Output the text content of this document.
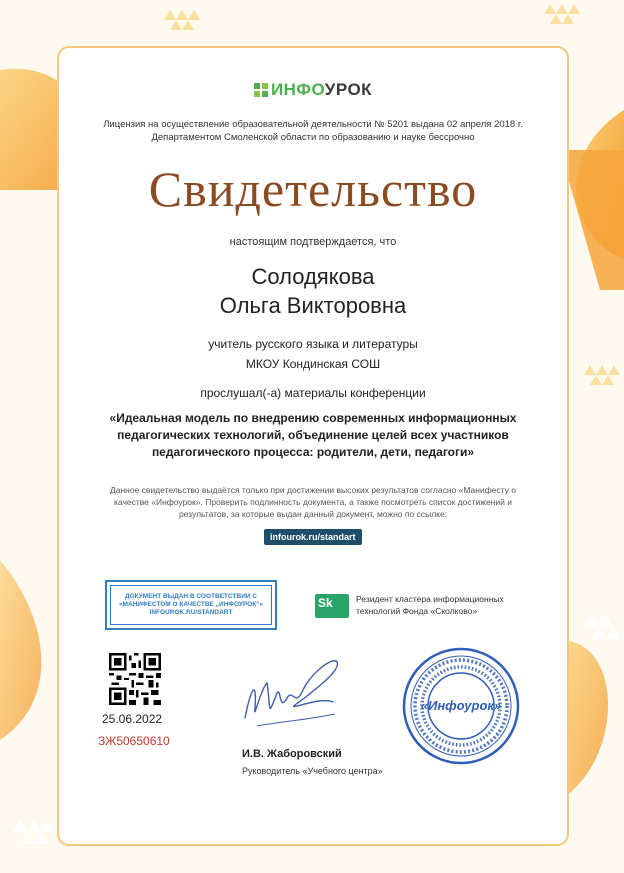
ИНФОУРОК
Лицензия на осуществление образовательной деятельности № 5201 выдана 02 апреля 2018 г. Департаментом Смоленской области по образованию и науке бессрочно
Свидетельство
настоящим подтверждается, что
Солодякова
Ольга Викторовна
учитель русского языка и литературы
МКОУ Кондинская СОШ
прослушал(-а) материалы конференции
«Идеальная модель по внедрению современных информационных педагогических технологий, объединение целей всех участников педагогического процесса: родители, дети, педагоги»
Данное свидетельство выдаётся только при достижении высоких результатов согласно «Манифесту о качестве «Инфоурок». Проверить подлинность документа, а также посмотреть список достижений и результатов, за которые выдан данный документ, можно по ссылке:
infourok.ru/standart
ДОКУМЕНТ ВЫДАН В СООТВЕТСТВИИ С «МАНИФЕСТОМ О КАЧЕСТВЕ „ИНФОУРОК“» INFOUROK.RU/STANDART
Sk	Резидент кластера информационных
технологий Фонда «Сколково»
25.06.2022
ЗЖ50650610
И.В. Жаборовский
Руководитель «Учебного центра»
«Инфоурок»
